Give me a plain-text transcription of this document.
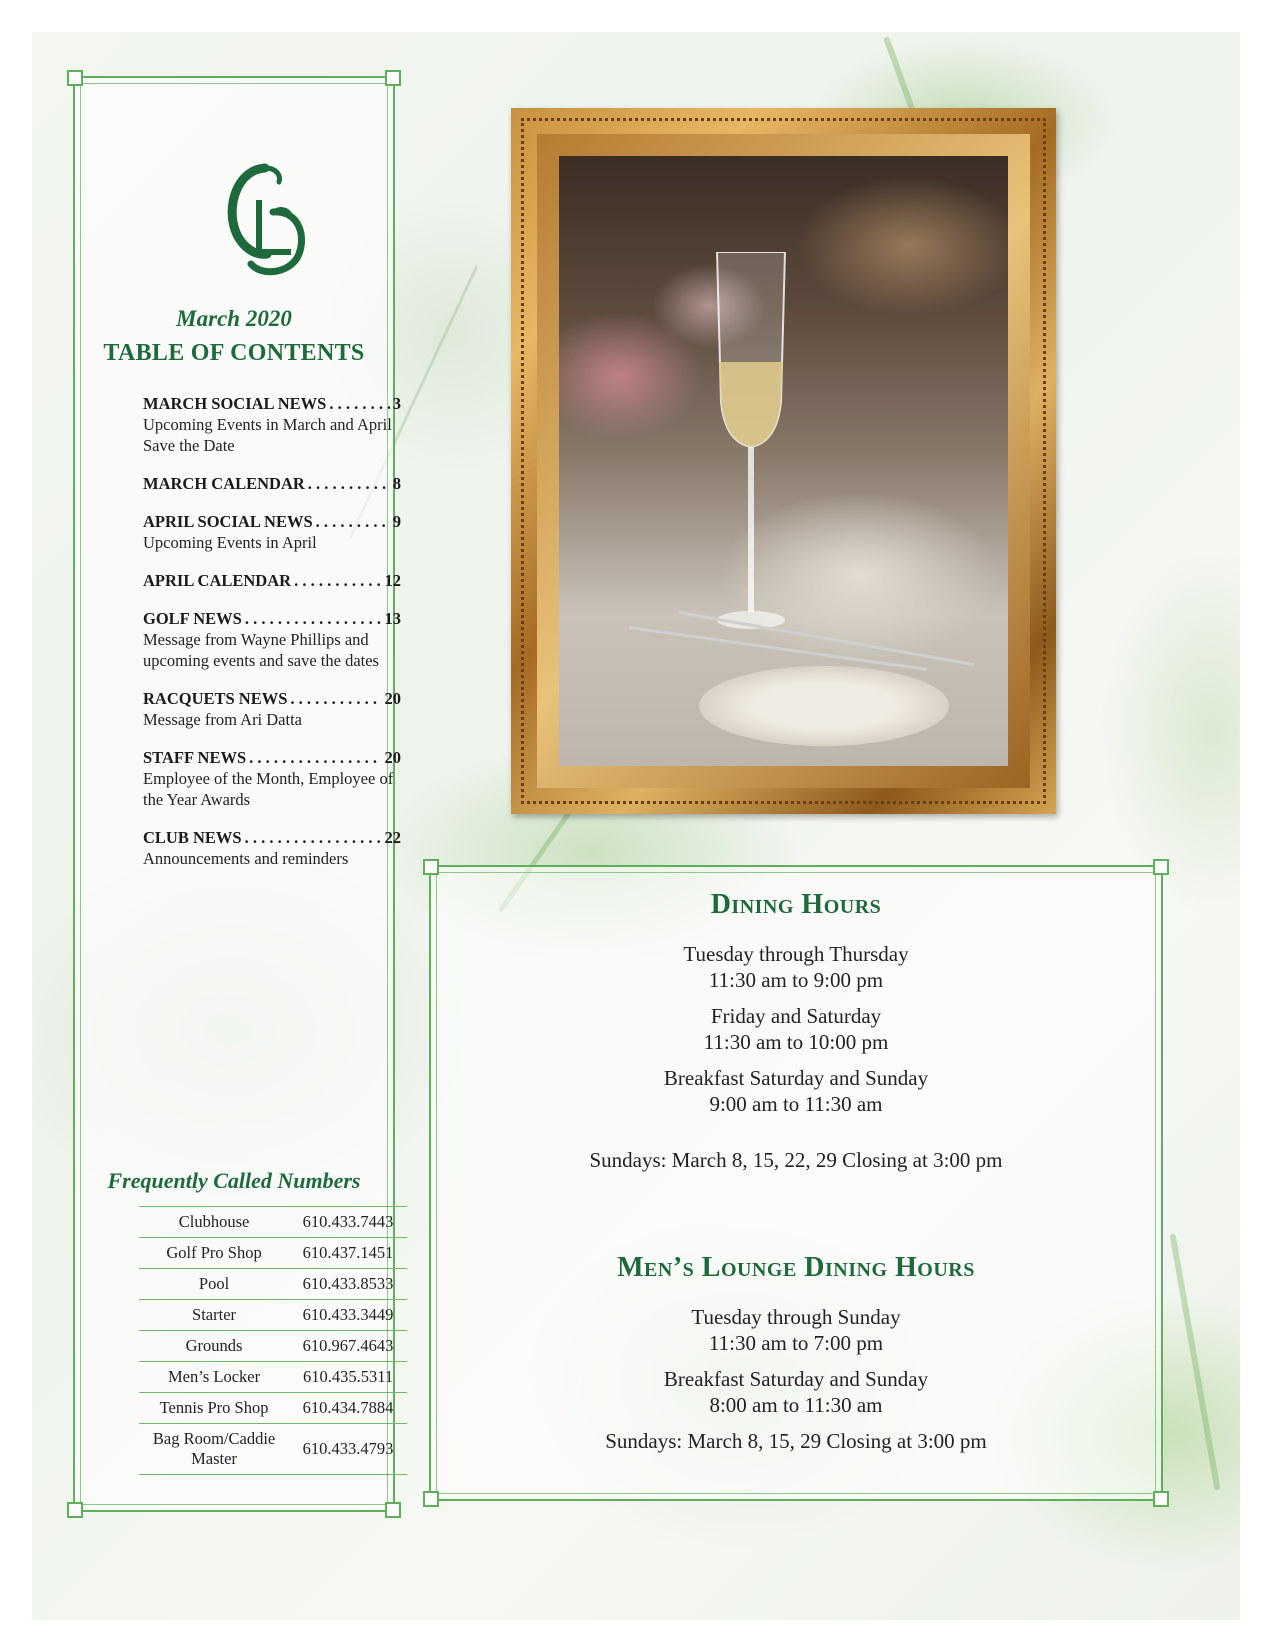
March 2020
TABLE OF CONTENTS
MARCH SOCIAL NEWS . . .	3
Upcoming Events in March and April Save the Date
MARCH CALENDAR . . .	8
APRIL SOCIAL NEWS . . .	9
Upcoming Events in April
APRIL CALENDAR . . .	12
GOLF NEWS . . .	13
Message from Wayne Phillips and upcoming events and save the dates
RACQUETS NEWS . . .	20
Message from Ari Datta
STAFF NEWS . . .	20
Employee of the Month, Employee of the Year Awards
CLUB NEWS . . .	22
Announcements and reminders
Frequently Called Numbers
Clubhouse	610.433.7443
Golf Pro Shop	610.437.1451
Pool	610.433.8533
Starter	610.433.3449
Grounds	610.967.4643
Men’s Locker	610.435.5311
Tennis Pro Shop	610.434.7884
Bag Room/Caddie Master	610.433.4793
Dining Hours
Tuesday through Thursday
11:30 am to 9:00 pm
Friday and Saturday
11:30 am to 10:00 pm
Breakfast Saturday and Sunday
9:00 am to 11:30 am
Sundays: March 8, 15, 22, 29 Closing at 3:00 pm
Men’s Lounge Dining Hours
Tuesday through Sunday
11:30 am to 7:00 pm
Breakfast Saturday and Sunday
8:00 am to 11:30 am
Sundays: March 8, 15, 29 Closing at 3:00 pm
